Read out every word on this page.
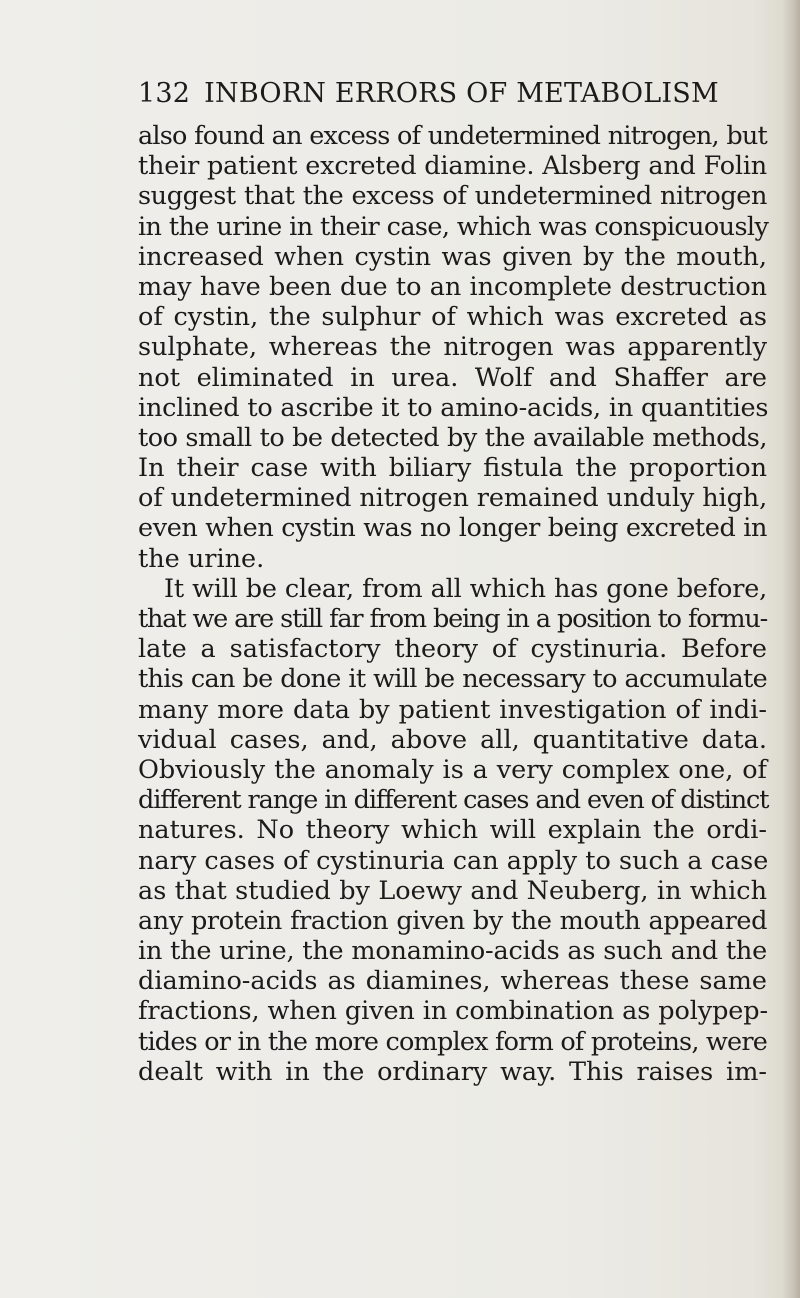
132 INBORN ERRORS OF METABOLISM
also found an excess of undetermined nitrogen, but
their patient excreted diamine. Alsberg and Folin
suggest that the excess of undetermined nitrogen
in the urine in their case, which was conspicuously
increased when cystin was given by the mouth,
may have been due to an incomplete destruction
of cystin, the sulphur of which was excreted as
sulphate, whereas the nitrogen was apparently
not eliminated in urea. Wolf and Shaffer are
inclined to ascribe it to amino-acids, in quantities
too small to be detected by the available methods,
In their case with biliary fistula the proportion
of undetermined nitrogen remained unduly high,
even when cystin was no longer being excreted in
the urine.
It will be clear, from all which has gone before,
that we are still far from being in a position to formu-
late a satisfactory theory of cystinuria. Before
this can be done it will be necessary to accumulate
many more data by patient investigation of indi-
vidual cases, and, above all, quantitative data.
Obviously the anomaly is a very complex one, of
different range in different cases and even of distinct
natures. No theory which will explain the ordi-
nary cases of cystinuria can apply to such a case
as that studied by Loewy and Neuberg, in which
any protein fraction given by the mouth appeared
in the urine, the monamino-acids as such and the
diamino-acids as diamines, whereas these same
fractions, when given in combination as polypep-
tides or in the more complex form of proteins, were
dealt with in the ordinary way. This raises im-
